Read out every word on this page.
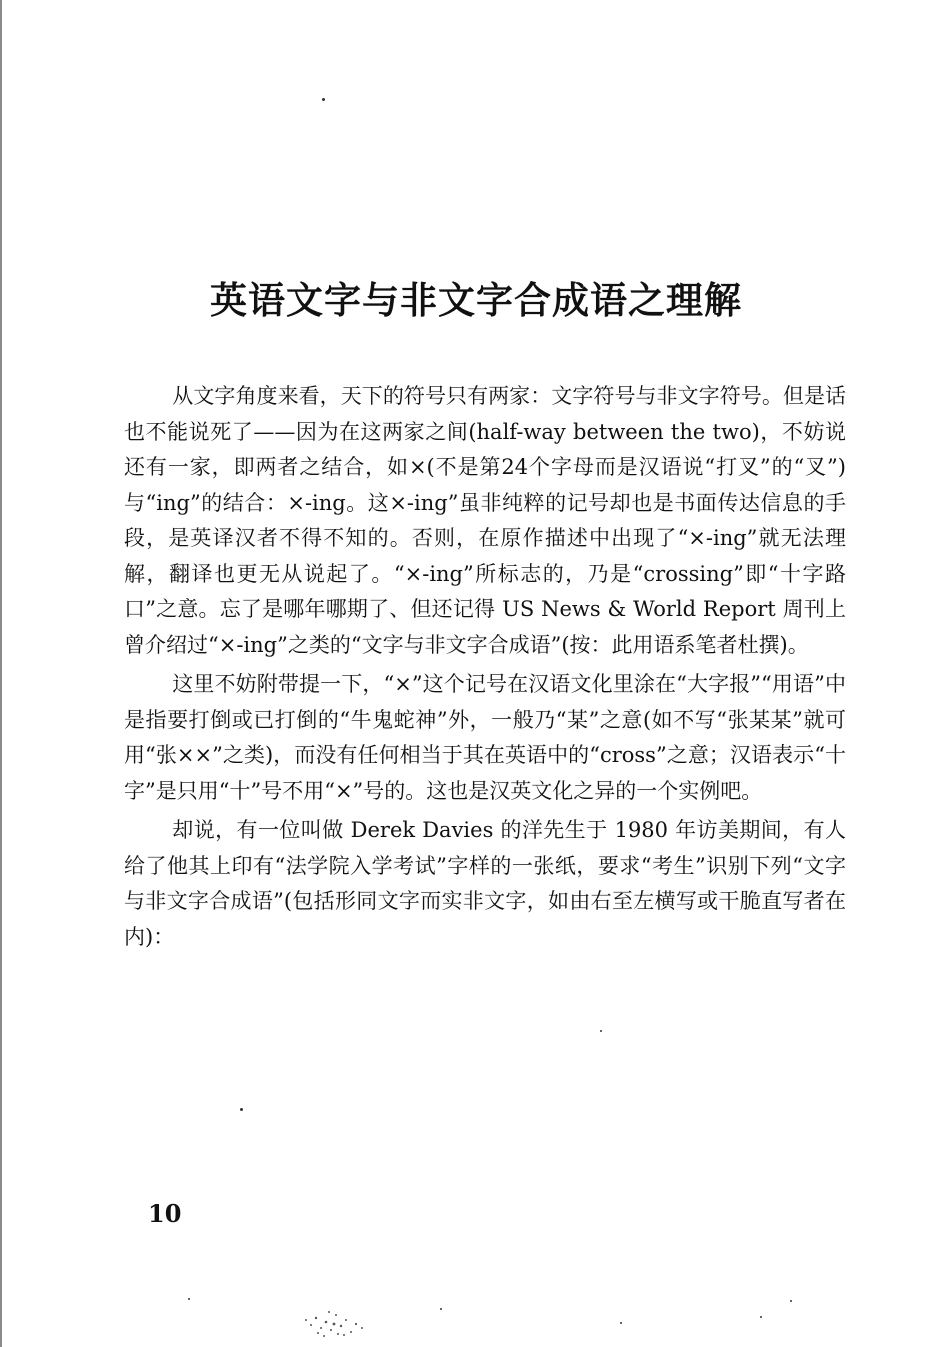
英语文字与非文字合成语之理解

从文字角度来看，天下的符号只有两家：文字符号与非文字符号。但是话也不能说死了——因为在这两家之间(half-way between the two)，不妨说还有一家，即两者之结合，如×(不是第24个字母而是汉语说“打叉”的“叉”)与“ing”的结合：×-ing。这×-ing”虽非纯粹的记号却也是书面传达信息的手段，是英译汉者不得不知的。否则，在原作描述中出现了“×-ing”就无法理解，翻译也更无从说起了。“×-ing”所标志的，乃是“crossing”即“十字路口”之意。忘了是哪年哪期了、但还记得 US News & World Report 周刊上曾介绍过“×-ing”之类的“文字与非文字合成语”(按：此用语系笔者杜撰)。

这里不妨附带提一下，“×”这个记号在汉语文化里涂在“大字报”“用语”中是指要打倒或已打倒的“牛鬼蛇神”外，一般乃“某”之意(如不写“张某某”就可用“张××”之类)，而没有任何相当于其在英语中的“cross”之意；汉语表示“十字”是只用“十”号不用“×”号的。这也是汉英文化之异的一个实例吧。

却说，有一位叫做 Derek Davies 的洋先生于 1980 年访美期间，有人给了他其上印有“法学院入学考试”字样的一张纸，要求“考生”识别下列“文字与非文字合成语”(包括形同文字而实非文字，如由右至左横写或干脆直写者在内)：

10
